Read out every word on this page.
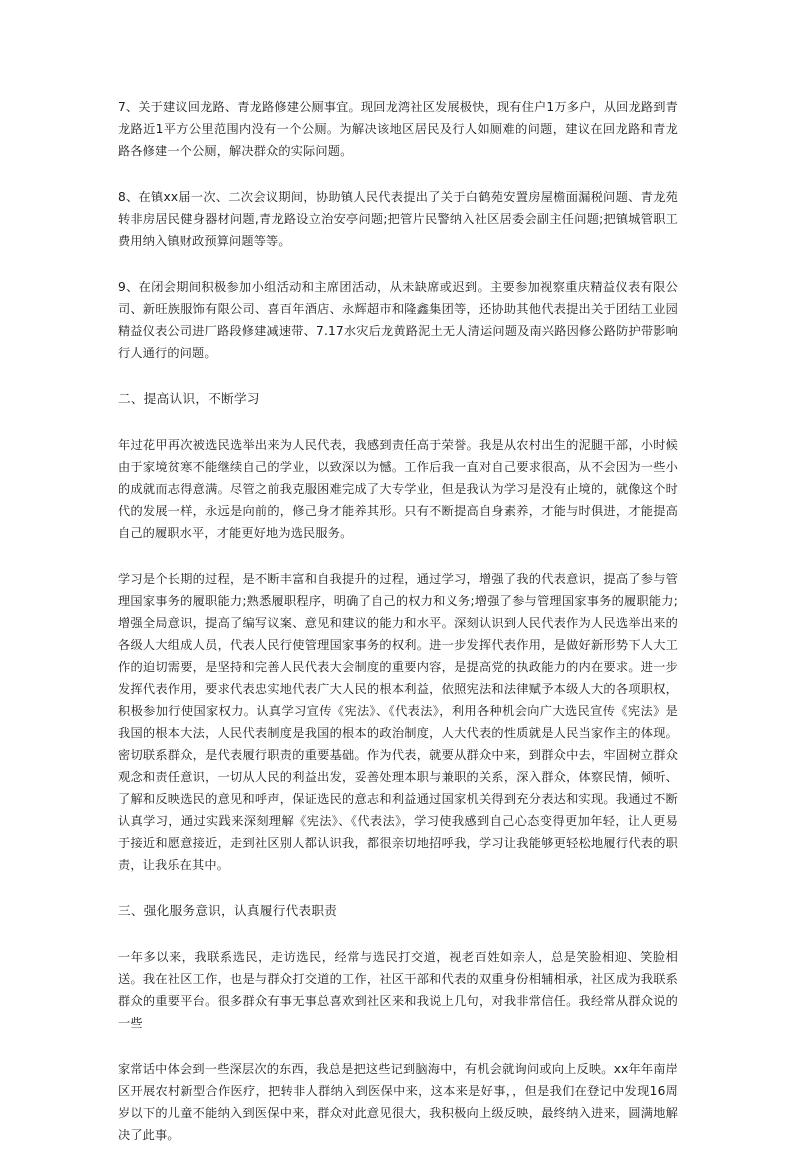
7、关于建议回龙路、青龙路修建公厕事宜。现回龙湾社区发展极快，现有住户1万多户，从回龙路到青龙路近1平方公里范围内没有一个公厕。为解决该地区居民及行人如厕难的问题，建议在回龙路和青龙路各修建一个公厕，解决群众的实际问题。

8、在镇xx届一次、二次会议期间，协助镇人民代表提出了关于白鹤苑安置房屋檐面漏税问题、青龙苑转非房居民健身器材问题,青龙路设立治安亭问题;把管片民警纳入社区居委会副主任问题;把镇城管职工费用纳入镇财政预算问题等等。

9、在闭会期间积极参加小组活动和主席团活动，从未缺席或迟到。主要参加视察重庆精益仪表有限公司、新旺族服饰有限公司、喜百年酒店、永辉超市和隆鑫集团等，还协助其他代表提出关于团结工业园精益仪表公司进厂路段修建减速带、7.17水灾后龙黄路泥土无人清运问题及南兴路因修公路防护带影响行人通行的问题。

二、提高认识，不断学习

年过花甲再次被选民选举出来为人民代表，我感到责任高于荣誉。我是从农村出生的泥腿干部，小时候由于家境贫寒不能继续自己的学业，以致深以为憾。工作后我一直对自己要求很高，从不会因为一些小的成就而志得意满。尽管之前我克服困难完成了大专学业，但是我认为学习是没有止境的，就像这个时代的发展一样，永远是向前的，修己身才能养其形。只有不断提高自身素养，才能与时俱进，才能提高自己的履职水平，才能更好地为选民服务。

学习是个长期的过程，是不断丰富和自我提升的过程，通过学习，增强了我的代表意识，提高了参与管理国家事务的履职能力;熟悉履职程序，明确了自己的权力和义务;增强了参与管理国家事务的履职能力;增强全局意识，提高了编写议案、意见和建议的能力和水平。深刻认识到人民代表作为人民选举出来的各级人大组成人员，代表人民行使管理国家事务的权利。进一步发挥代表作用，是做好新形势下人大工作的迫切需要，是坚持和完善人民代表大会制度的重要内容，是提高党的执政能力的内在要求。进一步发挥代表作用，要求代表忠实地代表广大人民的根本利益，依照宪法和法律赋予本级人大的各项职权，积极参加行使国家权力。认真学习宣传《宪法》、《代表法》，利用各种机会向广大选民宣传《宪法》是我国的根本大法，人民代表制度是我国的根本的政治制度，人大代表的性质就是人民当家作主的体现。密切联系群众，是代表履行职责的重要基础。作为代表，就要从群众中来，到群众中去，牢固树立群众观念和责任意识，一切从人民的利益出发，妥善处理本职与兼职的关系，深入群众，体察民情，倾听、了解和反映选民的意见和呼声，保证选民的意志和利益通过国家机关得到充分表达和实现。我通过不断认真学习，通过实践来深刻理解《宪法》、《代表法》，学习使我感到自己心态变得更加年轻，让人更易于接近和愿意接近，走到社区别人都认识我，都很亲切地招呼我，学习让我能够更轻松地履行代表的职责，让我乐在其中。

三、强化服务意识，认真履行代表职责

一年多以来，我联系选民，走访选民，经常与选民打交道，视老百姓如亲人，总是笑脸相迎、笑脸相送。我在社区工作，也是与群众打交道的工作，社区干部和代表的双重身份相辅相承，社区成为我联系群众的重要平台。很多群众有事无事总喜欢到社区来和我说上几句，对我非常信任。我经常从群众说的一些

家常话中体会到一些深层次的东西，我总是把这些记到脑海中，有机会就询问或向上反映。xx年年南岸区开展农村新型合作医疗，把转非人群纳入到医保中来，这本来是好事，，但是我们在登记中发现16周岁以下的儿童不能纳入到医保中来，群众对此意见很大，我积极向上级反映，最终纳入进来，圆满地解决了此事。
